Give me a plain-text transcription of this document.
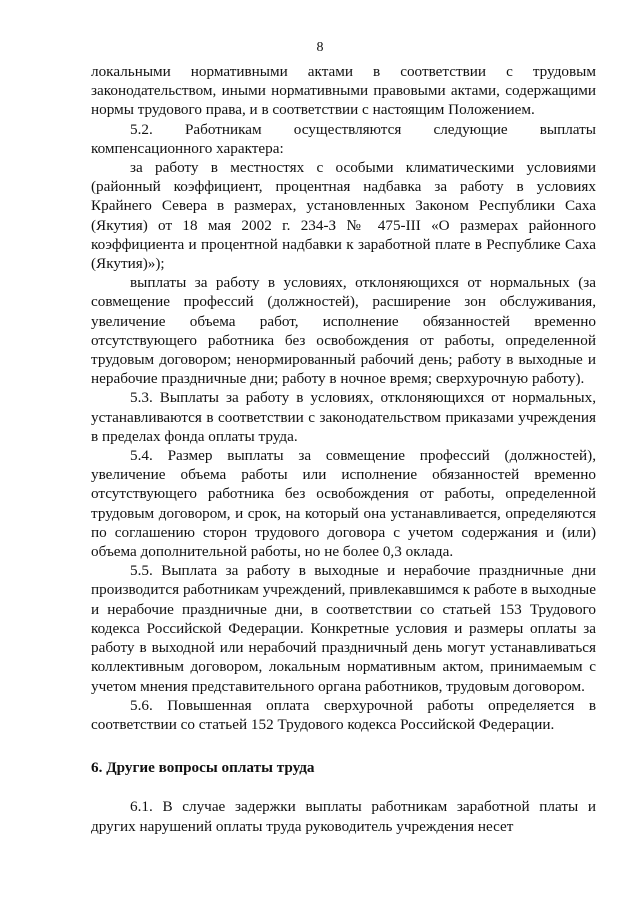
8

локальными нормативными актами в соответствии с трудовым законодательством, иными нормативными правовыми актами, содержащими нормы трудового права, и в соответствии с настоящим Положением.

5.2. Работникам осуществляются следующие выплаты компенсационного характера:

за работу в местностях с особыми климатическими условиями (районный коэффициент, процентная надбавка за работу в условиях Крайнего Севера в размерах, установленных Законом Республики Саха (Якутия) от 18 мая 2002 г. 234-З № 475-III «О размерах районного коэффициента и процентной надбавки к заработной плате в Республике Саха (Якутия)»);

выплаты за работу в условиях, отклоняющихся от нормальных (за совмещение профессий (должностей), расширение зон обслуживания, увеличение объема работ, исполнение обязанностей временно отсутствующего работника без освобождения от работы, определенной трудовым договором; ненормированный рабочий день; работу в выходные и нерабочие праздничные дни; работу в ночное время; сверхурочную работу).

5.3. Выплаты за работу в условиях, отклоняющихся от нормальных, устанавливаются в соответствии с законодательством приказами учреждения в пределах фонда оплаты труда.

5.4. Размер выплаты за совмещение профессий (должностей), увеличение объема работы или исполнение обязанностей временно отсутствующего работника без освобождения от работы, определенной трудовым договором, и срок, на который она устанавливается, определяются по соглашению сторон трудового договора с учетом содержания и (или) объема дополнительной работы, но не более 0,3 оклада.

5.5. Выплата за работу в выходные и нерабочие праздничные дни производится работникам учреждений, привлекавшимся к работе в выходные и нерабочие праздничные дни, в соответствии со статьей 153 Трудового кодекса Российской Федерации. Конкретные условия и размеры оплаты за работу в выходной или нерабочий праздничный день могут устанавливаться коллективным договором, локальным нормативным актом, принимаемым с учетом мнения представительного органа работников, трудовым договором.

5.6. Повышенная оплата сверхурочной работы определяется в соответствии со статьей 152 Трудового кодекса Российской Федерации.

6. Другие вопросы оплаты труда

6.1. В случае задержки выплаты работникам заработной платы и других нарушений оплаты труда руководитель учреждения несет
